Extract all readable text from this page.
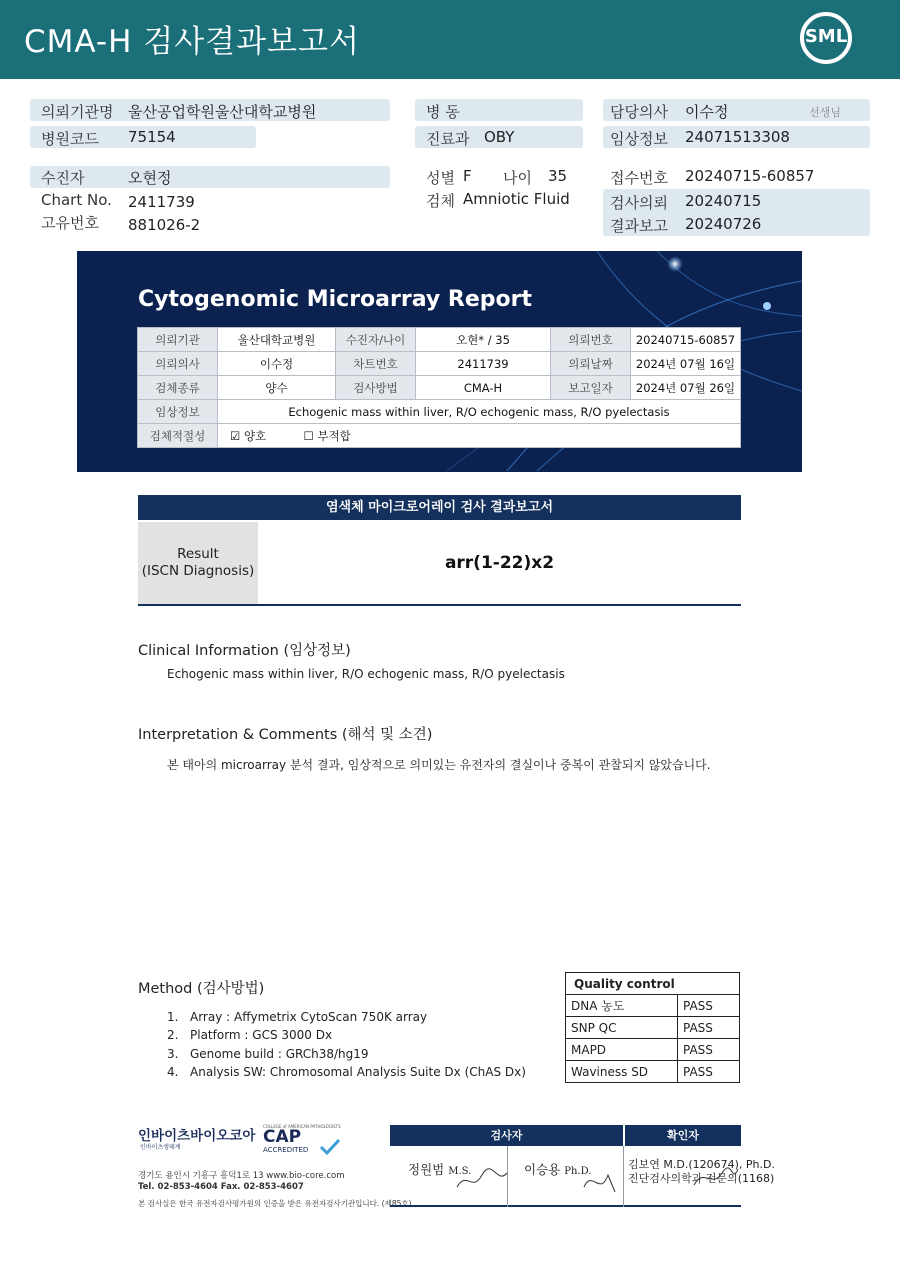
CMA-H 검사결과보고서	SML
의뢰기관명 울산공업학원울산대학교병원
병원코드 75154
병 동
진료과 OBY
담당의사 이수정	선생님
임상정보 24071513308
수진자	오현정
Chart No. 2411739
고유번호 881026-2
성별 F 나이 35
검체 Amniotic Fluid
접수번호 20240715-60857
검사의뢰 20240715
결과보고 20240726
Cytogenomic Microarray Report
의뢰기관	울산대학교병원	수진자/나이	오현* / 35	의뢰번호	20240715-60857
의뢰의사	이수정	차트번호	2411739	의뢰날짜	2024년 07월 16일
검체종류	양수	검사방법	CMA-H	보고일자	2024년 07월 26일
임상정보	Echogenic mass within liver, R/O echogenic mass, R/O pyelectasis				
검체적절성	☑ 양호 ☐ 부적합				
염색체 마이크로어레이 검사 결과보고서
Result
(ISCN Diagnosis)	arr(1-22)x2
Clinical Information (임상정보)
Echogenic mass within liver, R/O echogenic mass, R/O pyelectasis
Interpretation & Comments (해석 및 소견)
본 태아의 microarray 분석 결과, 임상적으로 의미있는 유전자의 결실이나 중복이 관찰되지 않았습니다.
Method (검사방법)
1. Array : Affymetrix CytoScan 750K array
2. Platform : GCS 3000 Dx
3. Genome build : GRCh38/hg19
4. Analysis SW: Chromosomal Analysis Suite Dx (ChAS Dx)
Quality control	
DNA 농도	PASS
SNP QC	PASS
MAPD	PASS
Waviness SD	PASS
인바이츠바이오코아
인바이츠생태계
COLLEGE of AMERICAN PATHOLOGISTS
CAP
ACCREDITED
경기도 용인시 기흥구 흥덕1로 13 www.bio-core.com
Tel. 02-853-4604 Fax. 02-853-4607
본 검사실은 한국 유전자검사평가원의 인증을 받은 유전자검사기관입니다. (제85호)
검사자	확인자
정원범 M.S.	이승용 Ph.D.
김보연 M.D.(120674), Ph.D.
진단검사의학과 전문의(1168)
